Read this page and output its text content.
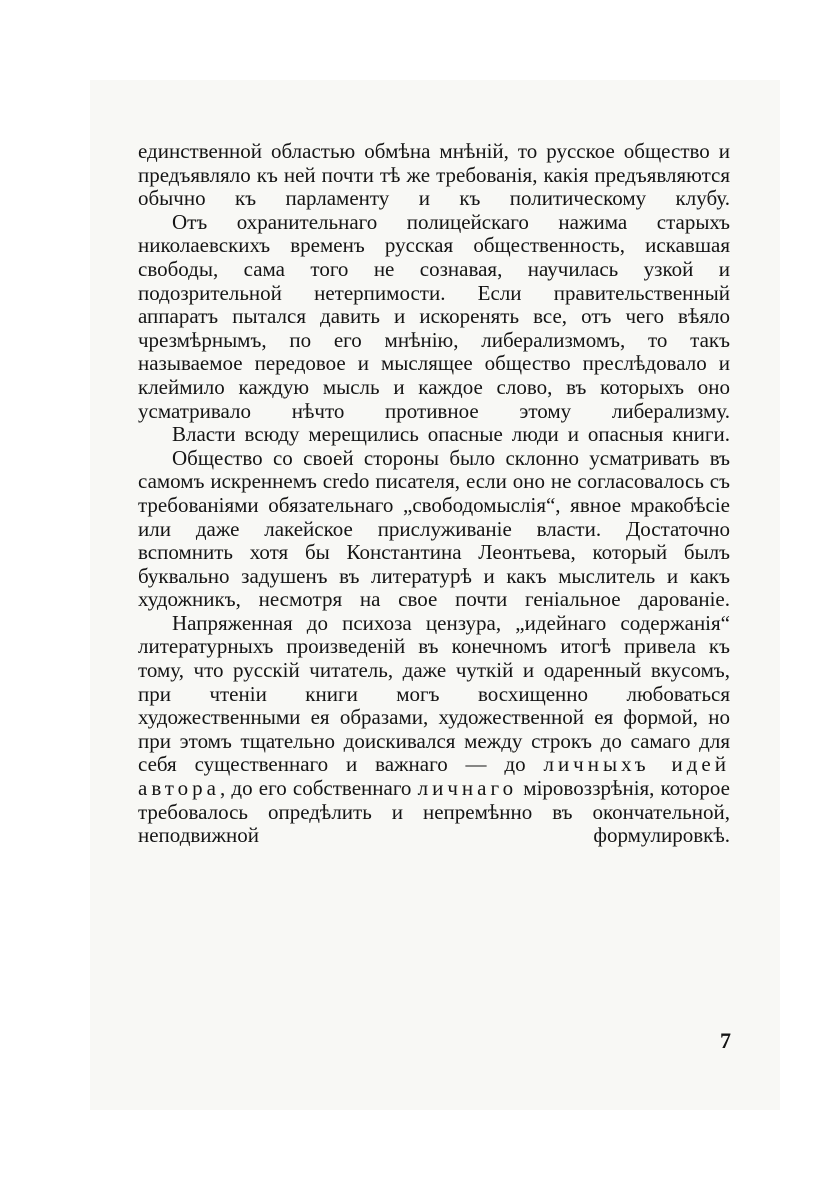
единственной областью обмѣна мнѣній, то русское общество и предъявляло къ ней почти тѣ же требованія, какія предъявляются обычно къ парламенту и къ политическому клубу.

Отъ охранительнаго полицейскаго нажима старыхъ николаевскихъ временъ русская общественность, искавшая свободы, сама того не сознавая, научилась узкой и подозрительной нетерпимости. Если правительственный аппаратъ пытался давить и искоренять все, отъ чего вѣяло чрезмѣрнымъ, по его мнѣнію, либерализмомъ, то такъ называемое передовое и мыслящее общество преслѣдовало и клеймило каждую мысль и каждое слово, въ которыхъ оно усматривало нѣчто противное этому либерализму.

Власти всюду мерещились опасные люди и опасныя книги.

Общество со своей стороны было склонно усматривать въ самомъ искреннемъ credo писателя, если оно не согласовалось съ требованіями обязательнаго „свободомыслія“, явное мракобѣсіе или даже лакейское прислуживаніе власти. Достаточно вспомнить хотя бы Константина Леонтьева, который былъ буквально задушенъ въ литературѣ и какъ мыслитель и какъ художникъ, несмотря на свое почти геніальное дарованіе.

Напряженная до психоза цензура, „идейнаго содержанія“ литературныхъ произведеній въ конечномъ итогѣ привела къ тому, что русскій читатель, даже чуткій и одаренный вкусомъ, при чтеніи книги могъ восхищенно любоваться художественными ея образами, художественной ея формой, но при этомъ тщательно доискивался между строкъ до самаго для себя существеннаго и важнаго — до личныхъ идей автора, до его собственнаго личнаго міровоззрѣнія, которое требовалось опредѣлить и непремѣнно въ окончательной, неподвижной формулировкѣ.

7
